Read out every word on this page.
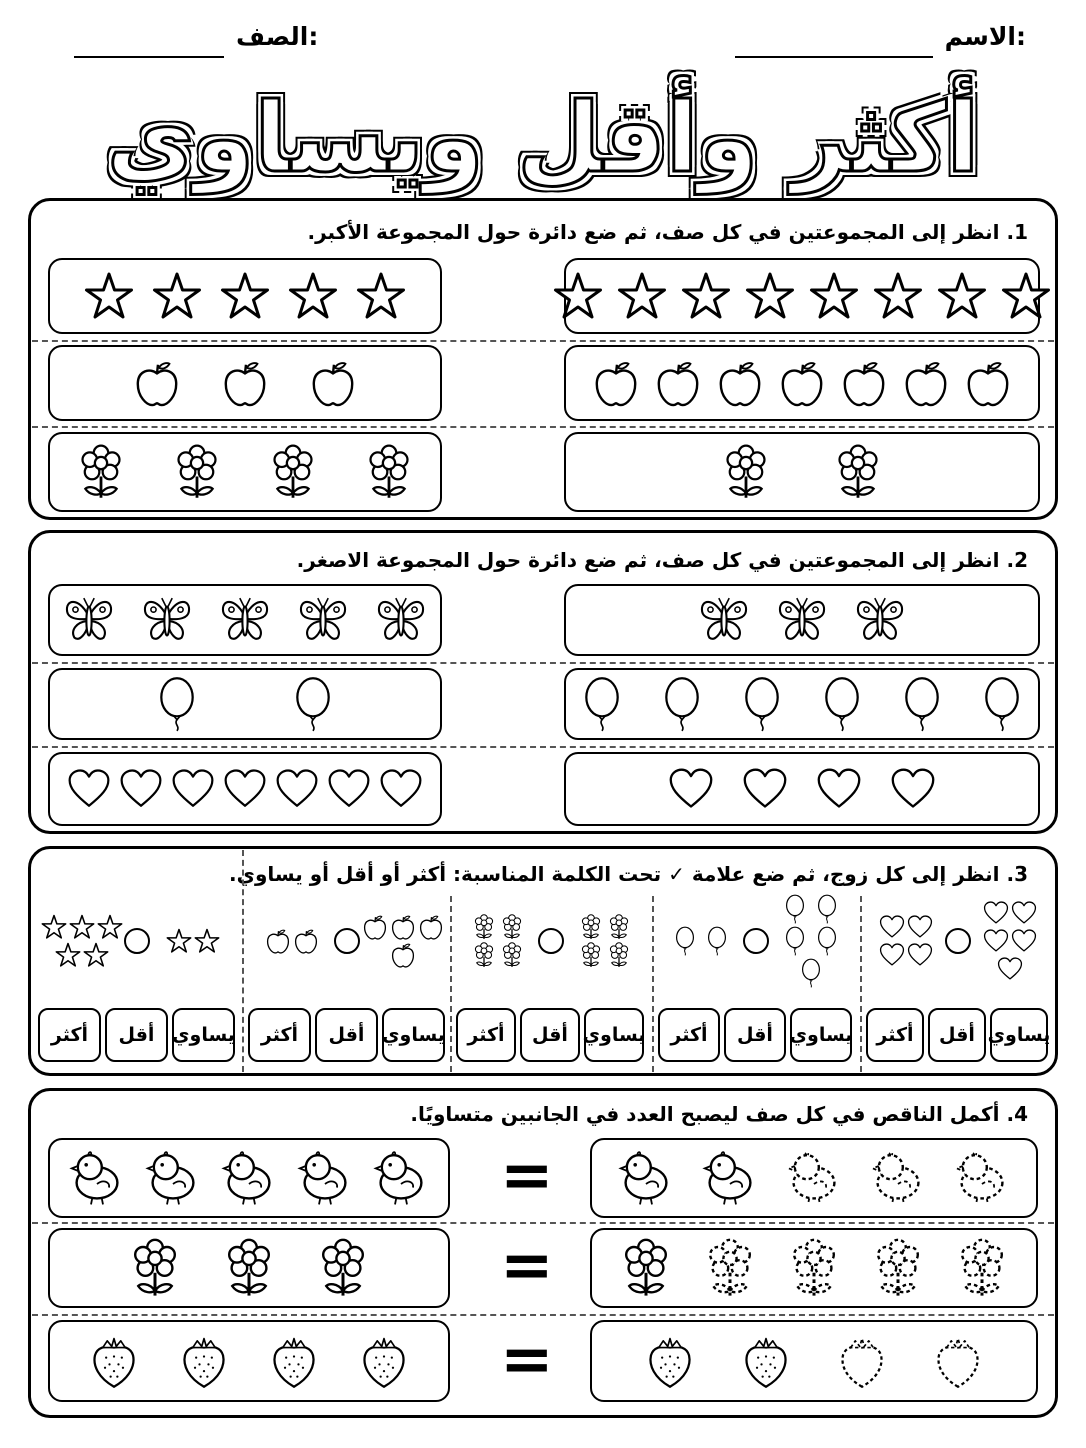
الاسم:
الصف:
أكثر وأقل ويساوي
1. انظر إلى المجموعتين في كل صف، ثم ضع دائرة حول المجموعة الأكبر.
2. انظر إلى المجموعتين في كل صف، ثم ضع دائرة حول المجموعة الاصغر.
3. انظر إلى كل زوج، ثم ضع علامة ✓ تحت الكلمة المناسبة: أكثر أو أقل أو يساوي.
أكثر	أقل يساوي
أكثر	أقل يساوي
أكثر	أقل يساوي
أكثر	أقل يساوي
أكثر	أقل يساوي
4. أكمل الناقص في كل صف ليصبح العدد في الجانبين متساويًا.
=
=
=
